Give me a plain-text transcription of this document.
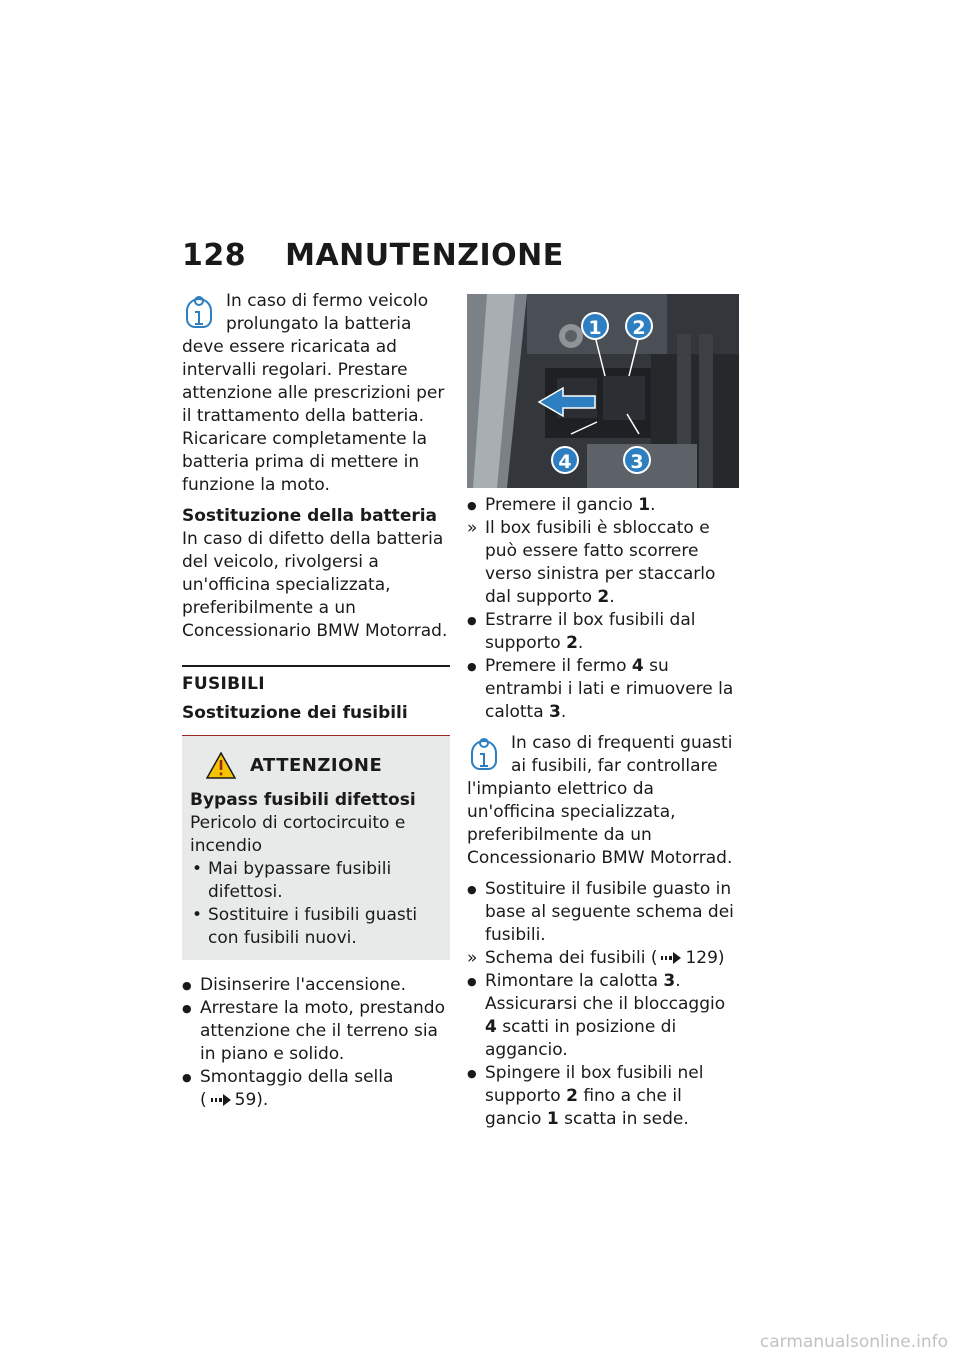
128 MANUTENZIONE

In caso di fermo veicolo

prolungato la batteria

deve essere ricaricata ad intervalli regolari. Prestare attenzione alle prescrizioni per il trattamento della batteria. Ricaricare completamente la batteria prima di mettere in funzione la moto.

Sostituzione della batteria

In caso di difetto della batteria del veicolo, rivolgersi a un'officina specializzata, preferibilmente a un Concessionario BMW Motorrad.

FUSIBILI

Sostituzione dei fusibili

ATTENZIONE

Bypass fusibili difettosi

Pericolo di cortocircuito e incendio

• Mai bypassare fusibili difettosi.
• Sostituire i fusibili guasti con fusibili nuovi.
● Disinserire l'accensione.
● Arrestare la moto, prestando attenzione che il terreno sia in piano e solido.
● Smontaggio della sella
( 59).
1	2
4	3
● Premere il gancio 1.
» Il box fusibili è sbloccato e può essere fatto scorrere verso sinistra per staccarlo dal supporto 2.
● Estrarre il box fusibili dal supporto 2.
● Premere il fermo 4 su entrambi i lati e rimuovere la calotta 3.

In caso di frequenti guasti

ai fusibili, far controllare

l'impianto elettrico da un'officina specializzata, preferibilmente da un Concessionario BMW Motorrad.

● Sostituire il fusibile guasto in base al seguente schema dei fusibili.
» Schema dei fusibili ( 129)
● Rimontare la calotta 3. Assicurarsi che il bloccaggio 4 scatti in posizione di aggancio.
● Spingere il box fusibili nel supporto 2 fino a che il gancio 1 scatta in sede.
carmanualsonline.info
